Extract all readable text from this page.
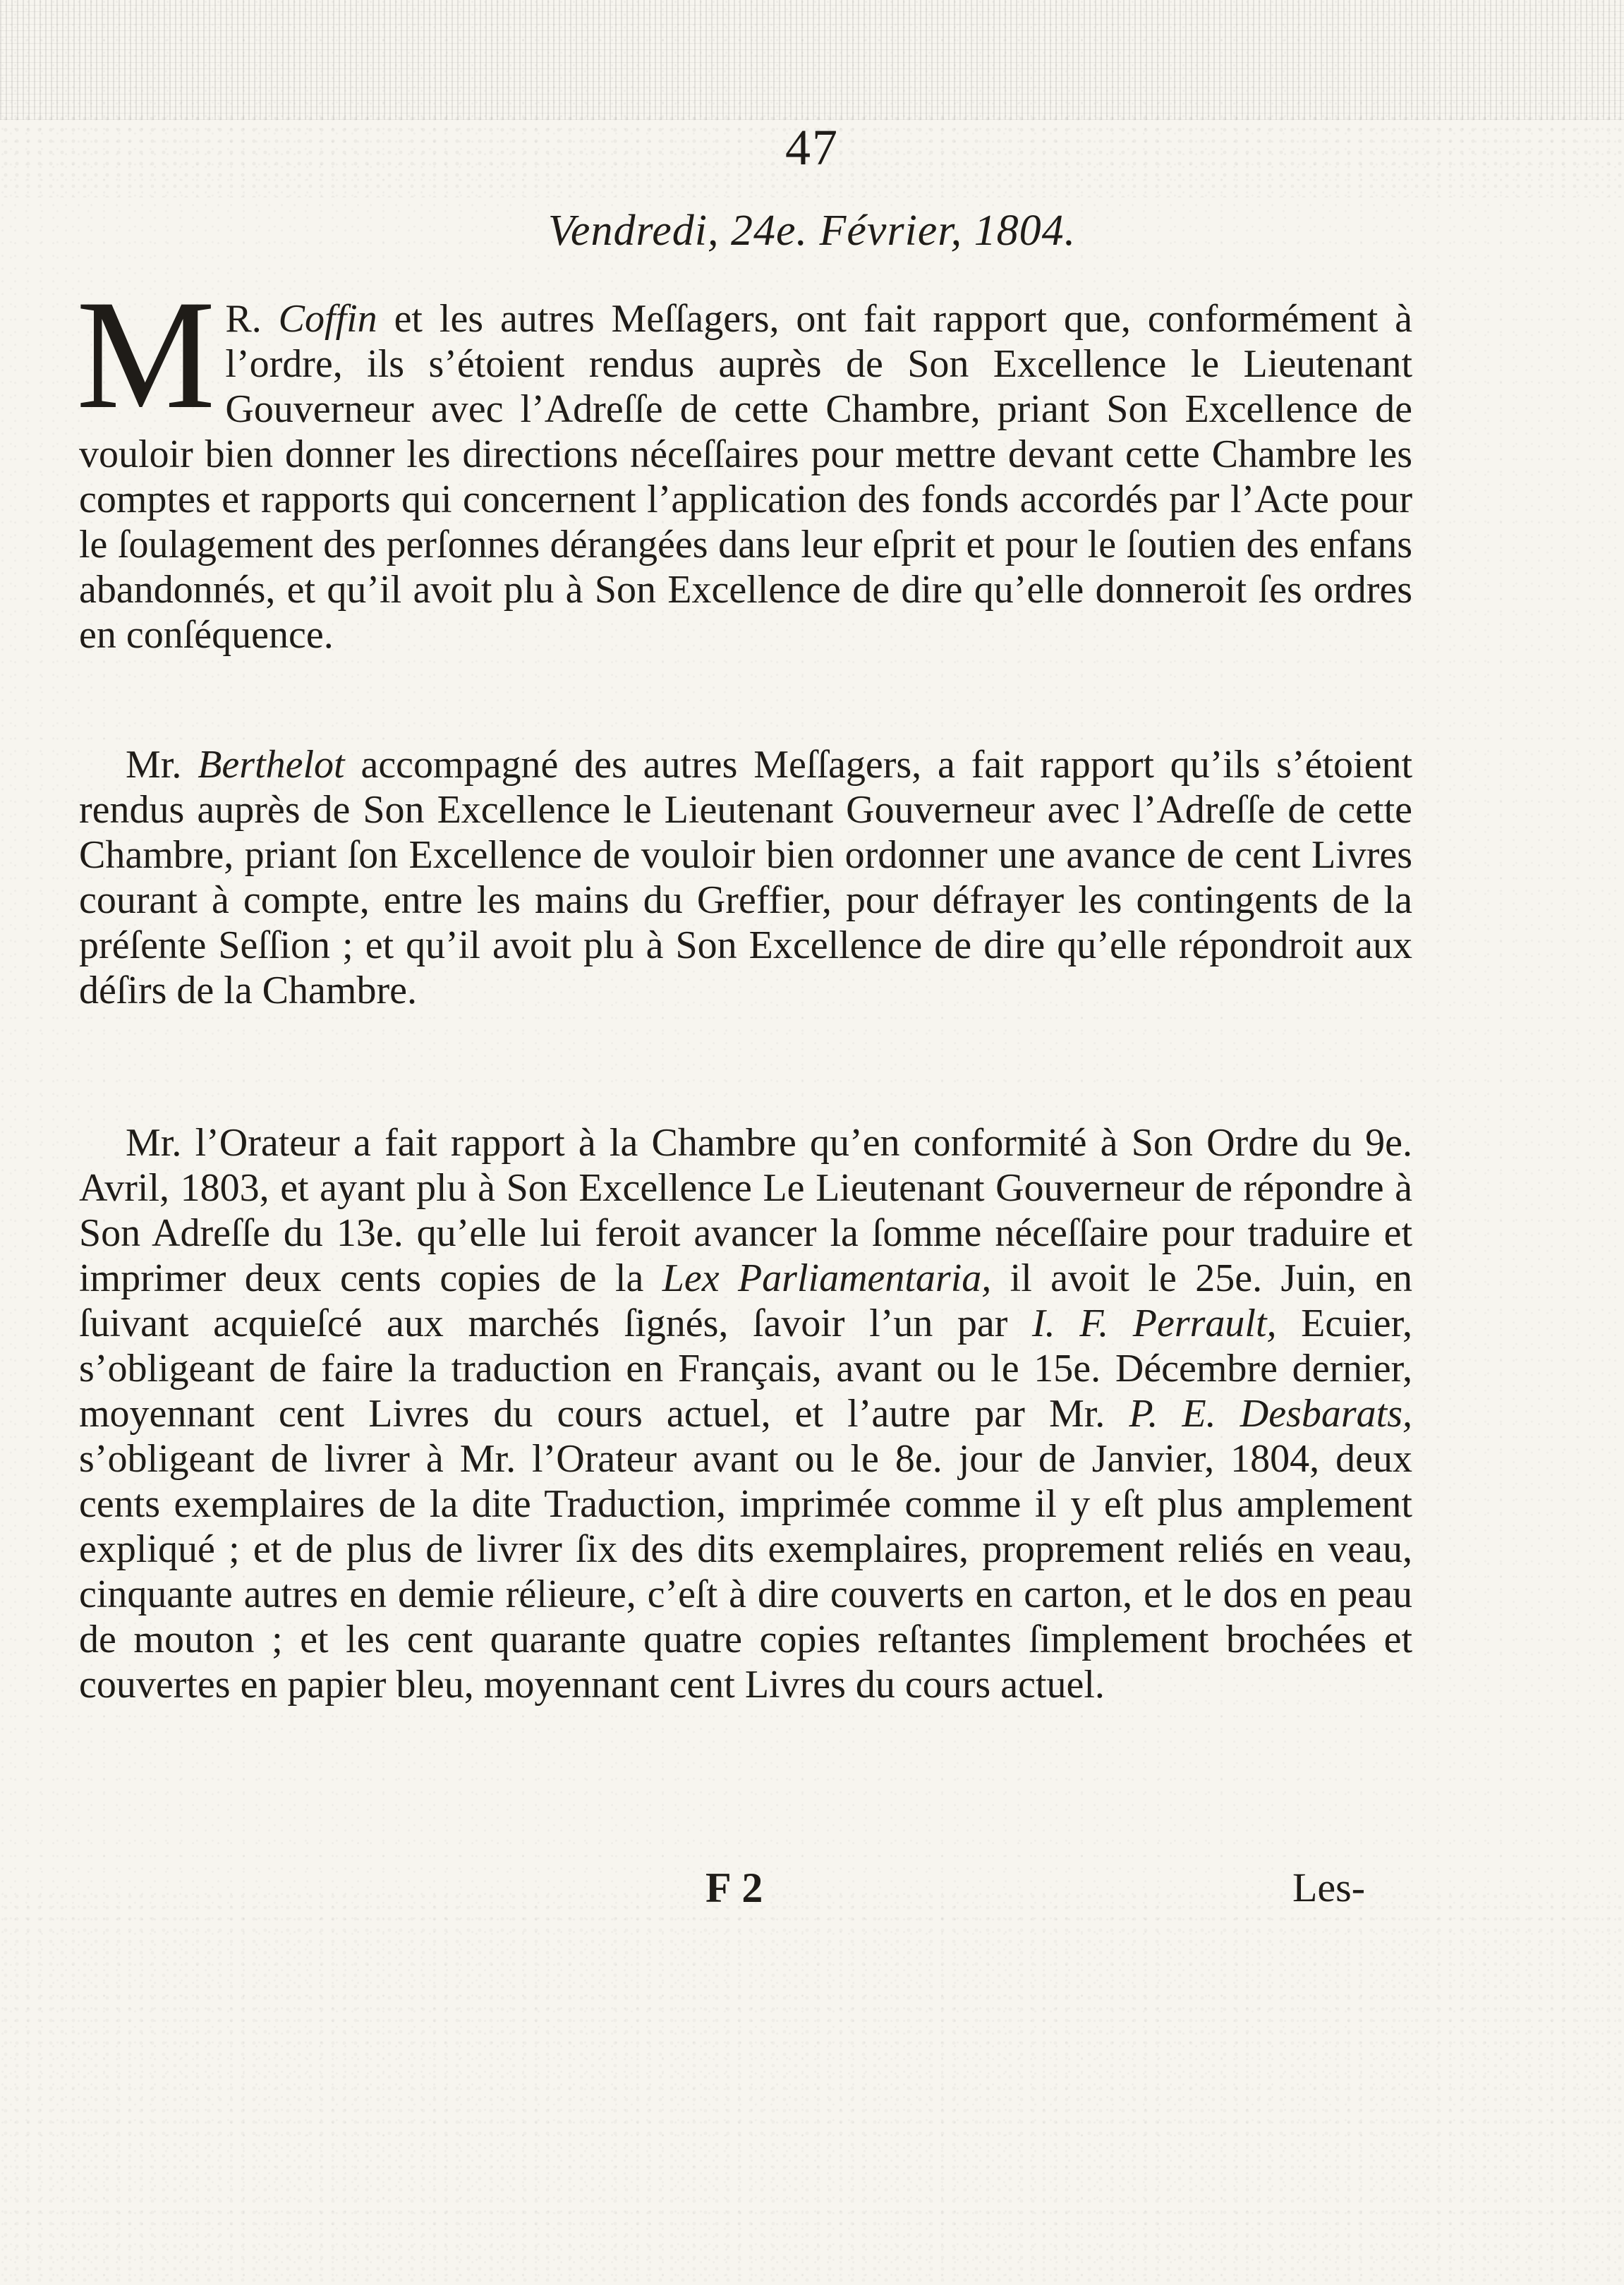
47
Vendredi, 24e. Février, 1804.

M R. Coffin et les autres Meſſagers, ont fait rapport que, conformément à l’ordre, ils s’étoient rendus auprès de Son Excellence le Lieutenant Gouverneur avec l’Adreſſe de cette Chambre, priant Son Excellence de vouloir bien donner les directions néceſſaires pour mettre devant cette Chambre les comptes et rapports qui concernent l’application des fonds accordés par l’Acte pour le ſoulagement des perſonnes dérangées dans leur eſprit et pour le ſoutien des enfans abandonnés, et qu’il avoit plu à Son Excellence de dire qu’elle donneroit ſes ordres en conſéquence.

Mr. Berthelot accompagné des autres Meſſagers, a fait rapport qu’ils s’étoient rendus auprès de Son Excellence le Lieutenant Gouverneur avec l’Adreſſe de cette Chambre, priant ſon Excellence de vouloir bien ordonner une avance de cent Livres courant à compte, entre les mains du Greffier, pour défrayer les contingents de la préſente Seſſion ; et qu’il avoit plu à Son Excellence de dire qu’elle répondroit aux déſirs de la Chambre.

Mr. l’Orateur a fait rapport à la Chambre qu’en conformité à Son Ordre du 9e. Avril, 1803, et ayant plu à Son Excellence Le Lieutenant Gouverneur de répondre à Son Adreſſe du 13e. qu’elle lui feroit avancer la ſomme néceſſaire pour traduire et imprimer deux cents copies de la Lex Parliamentaria, il avoit le 25e. Juin, en ſuivant acquieſcé aux marchés ſignés, ſavoir l’un par I. F. Perrault, Ecuier, s’obligeant de faire la traduction en Français, avant ou le 15e. Décembre dernier, moyennant cent Livres du cours actuel, et l’autre par Mr. P. E. Desbarats, s’obligeant de livrer à Mr. l’Orateur avant ou le 8e. jour de Janvier, 1804, deux cents exemplaires de la dite Traduction, imprimée comme il y eſt plus amplement expliqué ; et de plus de livrer ſix des dits exemplaires, proprement reliés en veau, cinquante autres en demie rélieure, c’eſt à dire couverts en carton, et le dos en peau de mouton ; et les cent quarante quatre copies reſtantes ſimplement brochées et couvertes en papier bleu, moyennant cent Livres du cours actuel.

F 2	Les-
